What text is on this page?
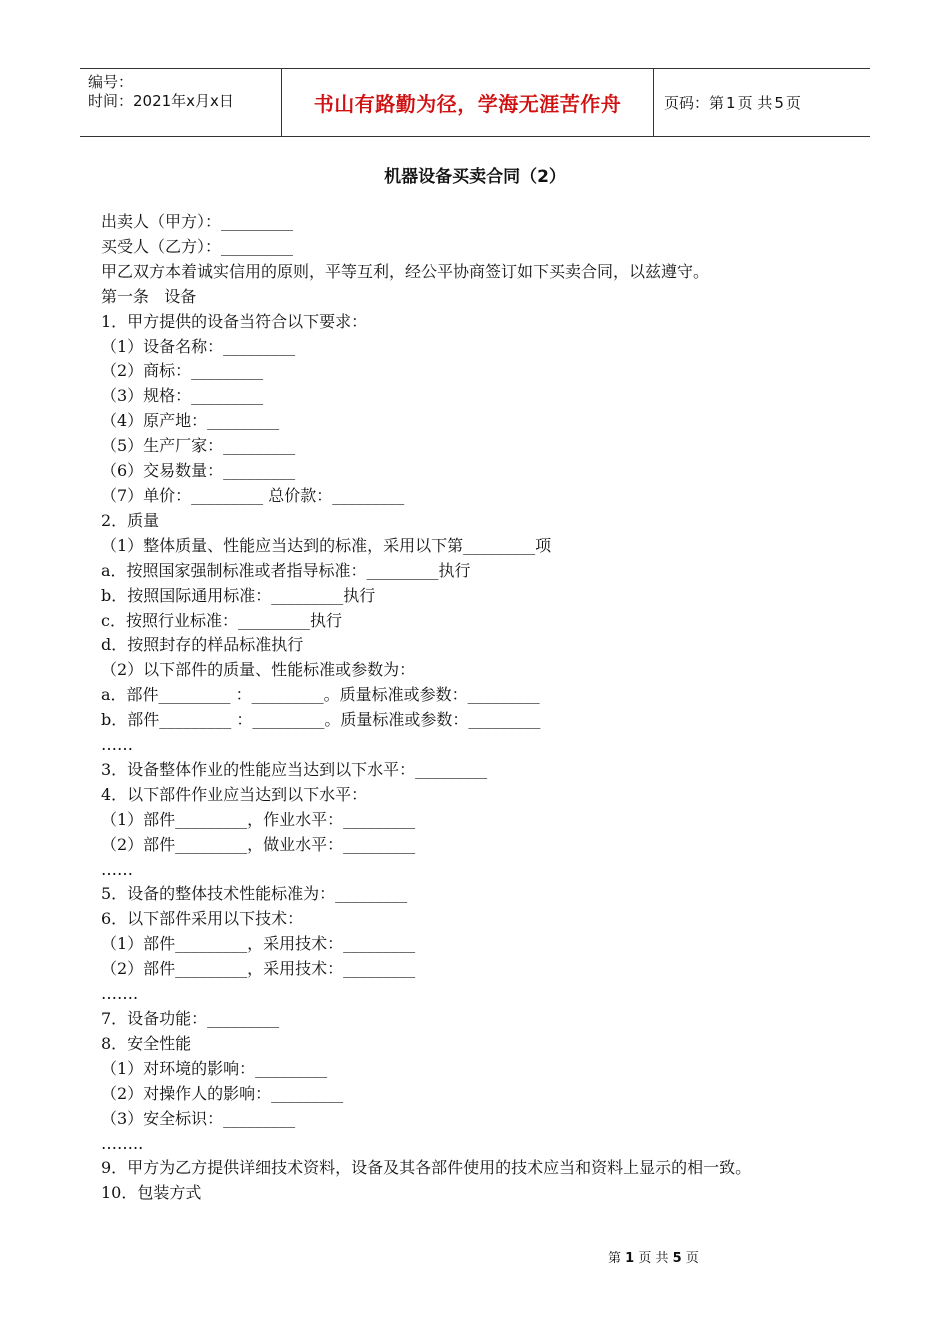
编号：
时间：2021年x月x日	书山有路勤为径，学海无涯苦作舟	页码：第 1 页 共 5 页
机器设备买卖合同（2）
出卖人（甲方）：_________
买受人（乙方）：_________
甲乙双方本着诚实信用的原则，平等互利，经公平协商签订如下买卖合同，以兹遵守。
第一条   设备
1．甲方提供的设备当符合以下要求：
（1）设备名称：_________
（2）商标：_________
（3）规格：_________
（4）原产地：_________
（5）生产厂家：_________
（6）交易数量：_________
（7）单价：_________ 总价款：_________
2．质量
（1）整体质量、性能应当达到的标准，采用以下第_________项
a．按照国家强制标准或者指导标准：_________执行
b．按照国际通用标准：_________执行
c．按照行业标准：_________执行
d．按照封存的样品标准执行
（2）以下部件的质量、性能标准或参数为：
a．部件_________ ：_________。质量标准或参数：_________
b．部件_________ ：_________。质量标准或参数：_________
……
3．设备整体作业的性能应当达到以下水平：_________
4．以下部件作业应当达到以下水平：
（1）部件_________，作业水平：_________
（2）部件_________，做业水平：_________
……
5．设备的整体技术性能标准为：_________
6．以下部件采用以下技术：
（1）部件_________，采用技术：_________
（2）部件_________，采用技术：_________
…….
7．设备功能：_________
8．安全性能
（1）对环境的影响：_________
（2）对操作人的影响：_________
（3）安全标识：_________
……..
9．甲方为乙方提供详细技术资料，设备及其各部件使用的技术应当和资料上显示的相一致。
10．包装方式
第 1 页 共 5 页
